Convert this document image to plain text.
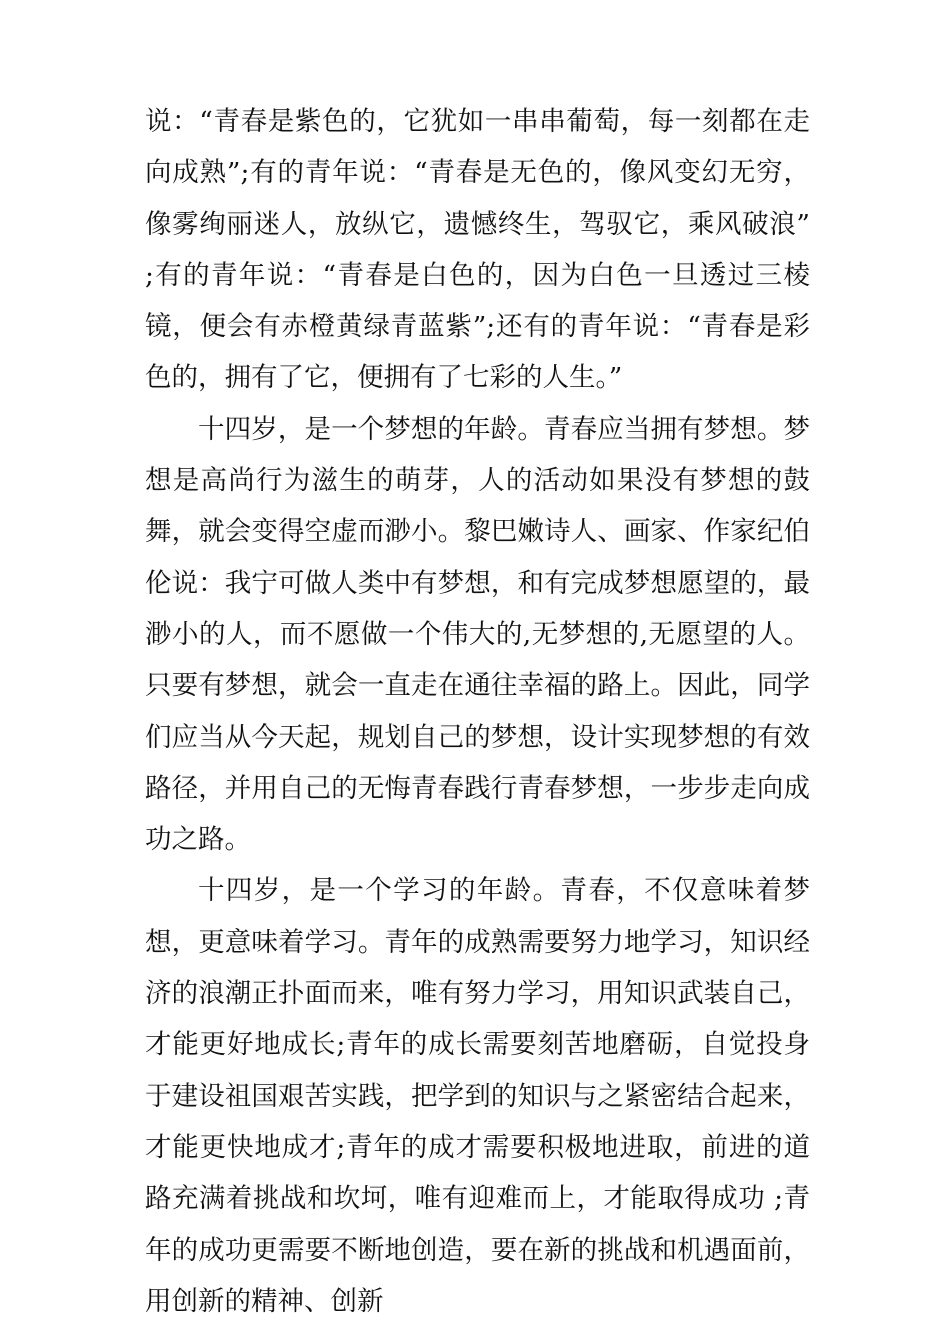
说：“青春是紫色的，它犹如一串串葡萄，每一刻都在走向成熟”;有的青年说：“青春是无色的，像风变幻无穷，像雾绚丽迷人，放纵它，遗憾终生，驾驭它，乘风破浪” ;有的青年说：“青春是白色的，因为白色一旦透过三棱镜，便会有赤橙黄绿青蓝紫”;还有的青年说：“青春是彩色的，拥有了它，便拥有了七彩的人生。”

十四岁，是一个梦想的年龄。青春应当拥有梦想。梦想是高尚行为滋生的萌芽，人的活动如果没有梦想的鼓舞，就会变得空虚而渺小。黎巴嫩诗人、画家、作家纪伯伦说：我宁可做人类中有梦想，和有完成梦想愿望的，最渺小的人，而不愿做一个伟大的,无梦想的,无愿望的人。只要有梦想，就会一直走在通往幸福的路上。因此，同学们应当从今天起，规划自己的梦想，设计实现梦想的有效路径，并用自己的无悔青春践行青春梦想，一步步走向成功之路。

十四岁，是一个学习的年龄。青春，不仅意味着梦想，更意味着学习。青年的成熟需要努力地学习，知识经济的浪潮正扑面而来，唯有努力学习，用知识武装自己，才能更好地成长;青年的成长需要刻苦地磨砺，自觉投身于建设祖国艰苦实践，把学到的知识与之紧密结合起来，才能更快地成才;青年的成才需要积极地进取，前进的道路充满着挑战和坎坷，唯有迎难而上，才能取得成功 ;青年的成功更需要不断地创造，要在新的挑战和机遇面前，用创新的精神、创新
